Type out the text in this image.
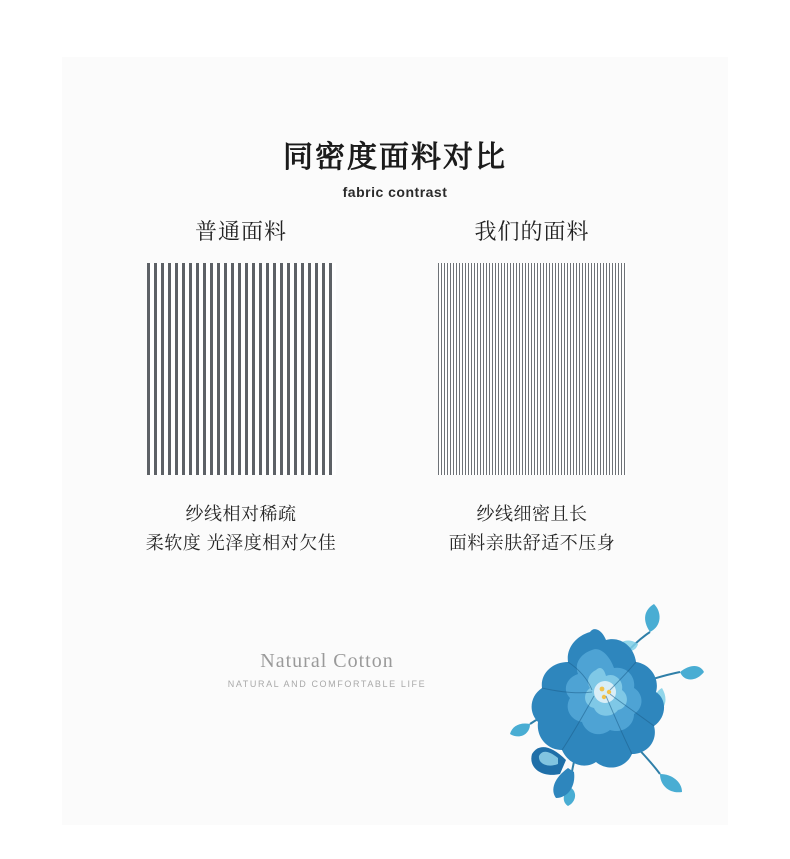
同密度面料对比
fabric contrast
普通面料
纱线相对稀疏
柔软度 光泽度相对欠佳
我们的面料
纱线细密且长
面料亲肤舒适不压身
Natural Cotton
NATURAL AND COMFORTABLE LIFE
